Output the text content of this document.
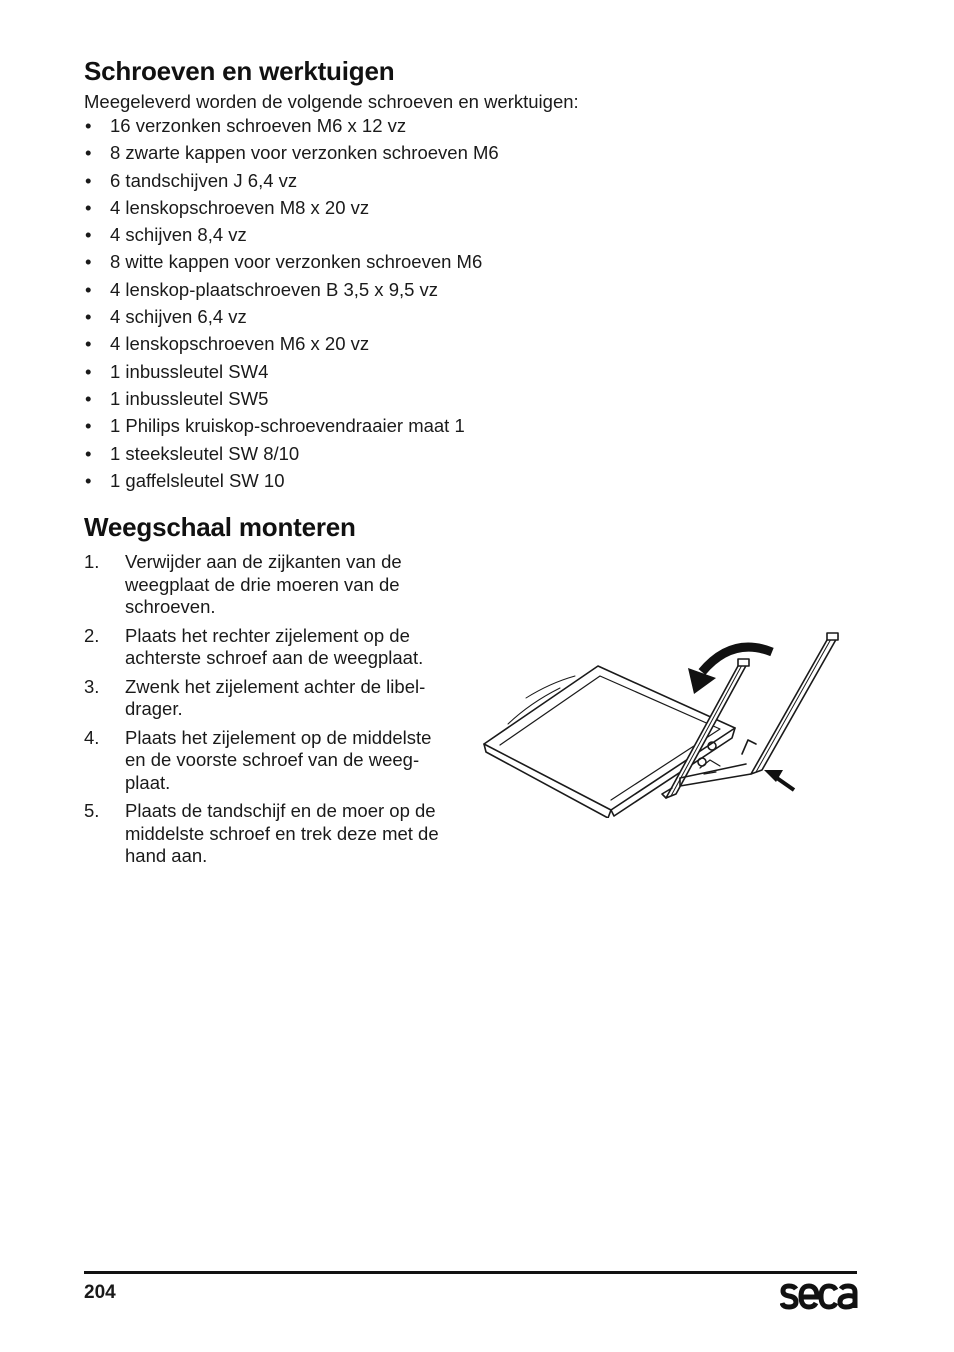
Schroeven en werktuigen

Meegeleverd worden de volgende schroeven en werktuigen:

• 16 verzonken schroeven M6 x 12 vz
• 8 zwarte kappen voor verzonken schroeven M6
• 6 tandschijven J 6,4 vz
• 4 lenskopschroeven M8 x 20 vz
• 4 schijven 8,4 vz
• 8 witte kappen voor verzonken schroeven M6
• 4 lenskop-plaatschroeven B 3,5 x 9,5 vz
• 4 schijven 6,4 vz
• 4 lenskopschroeven M6 x 20 vz
• 1 inbussleutel SW4
• 1 inbussleutel SW5
• 1 Philips kruiskop-schroevendraaier maat 1
• 1 steeksleutel SW 8/10
• 1 gaffelsleutel SW 10
Weegschaal monteren
1. Verwijder aan de zijkanten van de
weegplaat de drie moeren van de
schroeven.
2. Plaats het rechter zijelement op de
achterste schroef aan de weegplaat.
3. Zwenk het zijelement achter de libel-
drager.
4. Plaats het zijelement op de middelste
en de voorste schroef van de weeg-
plaat.
5. Plaats de tandschijf en de moer op de
middelste schroef en trek deze met de
hand aan.
204
